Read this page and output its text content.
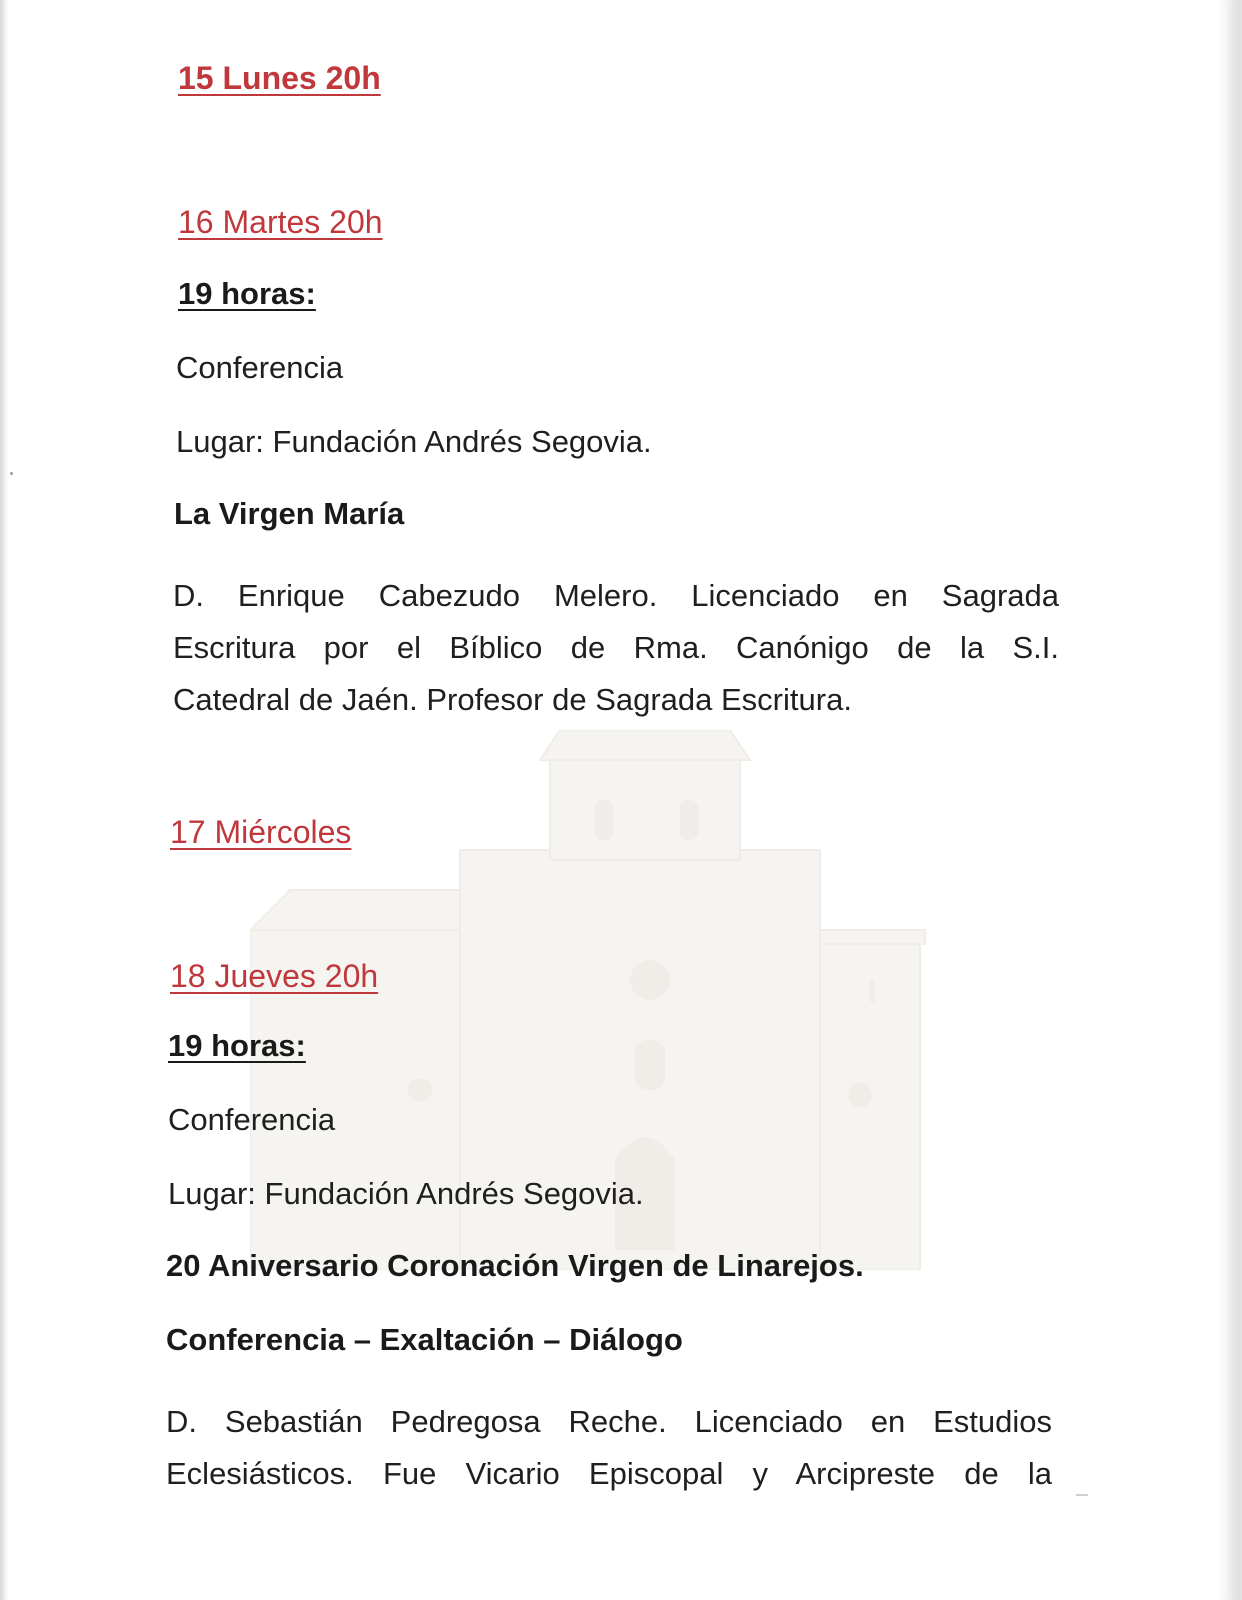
15 Lunes 20h
16 Martes 20h
19 horas:
Conferencia
Lugar: Fundación Andrés Segovia.
La Virgen María
D. Enrique Cabezudo Melero. Licenciado en Sagrada
Escritura por el Bíblico de Rma. Canónigo de la S.I.
Catedral de Jaén. Profesor de Sagrada Escritura.
17 Miércoles
18 Jueves 20h
19 horas:
Conferencia
Lugar: Fundación Andrés Segovia.
20 Aniversario Coronación Virgen de Linarejos.
Conferencia – Exaltación – Diálogo
D. Sebastián Pedregosa Reche. Licenciado en Estudios
Eclesiásticos. Fue Vicario Episcopal y Arcipreste de la
